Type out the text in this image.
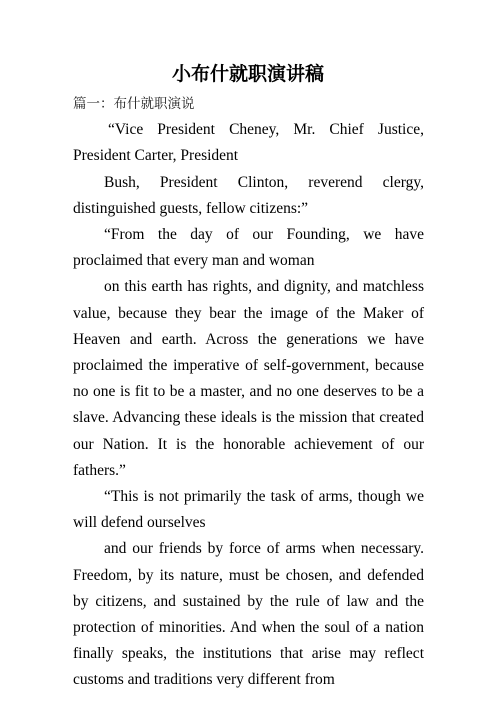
小布什就职演讲稿

篇一：布什就职演说

“Vice President Cheney, Mr. Chief Justice, President Carter, President

Bush, President Clinton, reverend clergy, distinguished guests, fellow citizens:”

“From the day of our Founding, we have proclaimed that every man and woman

on this earth has rights, and dignity, and matchless value, because they bear the image of the Maker of Heaven and earth. Across the generations we have proclaimed the imperative of self-government, because no one is fit to be a master, and no one deserves to be a slave. Advancing these ideals is the mission that created our Nation. It is the honorable achievement of our fathers.”

“This is not primarily the task of arms, though we will defend ourselves

and our friends by force of arms when necessary. Freedom, by its nature, must be chosen, and defended by citizens, and sustained by the rule of law and the protection of minorities. And when the soul of a nation finally speaks, the institutions that arise may reflect customs and traditions very different from
